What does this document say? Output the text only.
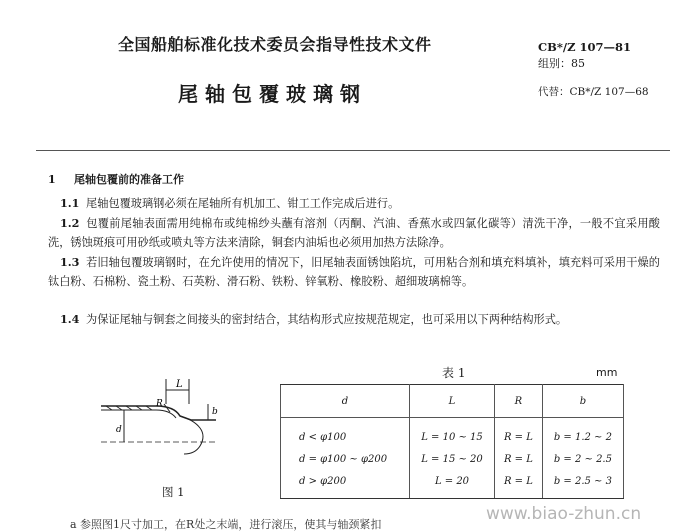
全国船舶标准化技术委员会指导性技术文件	CB*/Z 107—81
组别：85
代替：CB*/Z 107—68
尾轴包覆玻璃钢
1 尾轴包覆前的准备工作
1.1 尾轴包覆玻璃钢必须在尾轴所有机加工、钳工工作完成后进行。
1.2 包覆前尾轴表面需用纯棉布或纯棉纱头蘸有溶剂（丙酮、汽油、香蕉水或四氯化碳等）清洗干净，一般不宜采用酸洗，锈蚀斑痕可用砂纸或喷丸等方法来清除，铜套内油垢也必须用加热方法除净。
1.3 若旧轴包覆玻璃钢时，在允许使用的情况下，旧尾轴表面锈蚀陷坑，可用粘合剂和填充料填补，填充料可采用干燥的钛白粉、石棉粉、瓷土粉、石英粉、滑石粉、铁粉、锌氧粉、橡胶粉、超细玻璃棉等。
1.4 为保证尾轴与铜套之间接头的密封结合，其结构形式应按规范规定，也可采用以下两种结构形式。
L
R
b
d
图 1
表 1	mm
d	L	R	b
d < φ100	L = 10 ~ 15	R = L	b = 1.2 ~ 2
d = φ100 ~ φ200	L = 15 ~ 20	R = L	b = 2 ~ 2.5
d > φ200	L = 20	R = L	b = 2.5 ~ 3
a 参照图1尺寸加工，在R处之末端，进行滚压，使其与轴颈紧扣
www.biao-zhun.cn
